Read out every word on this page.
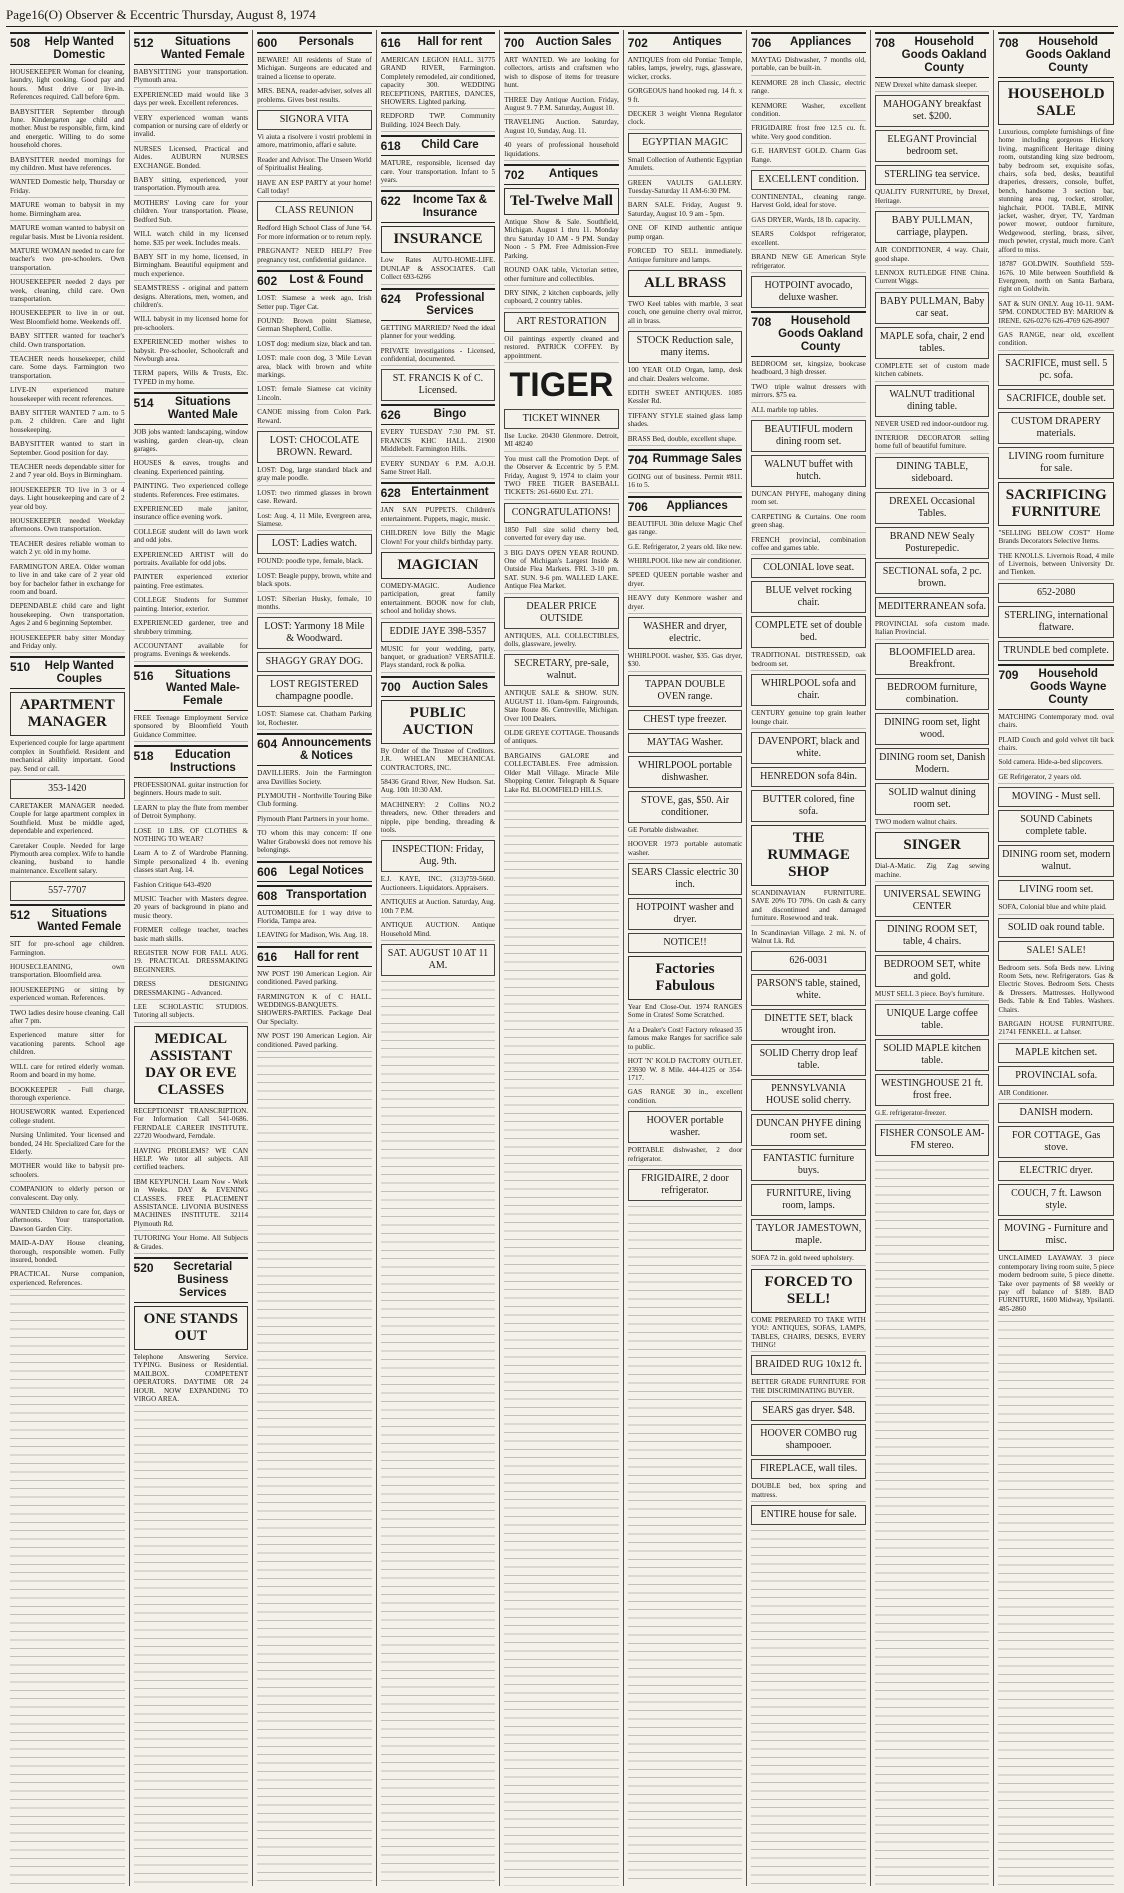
Page16(O) Observer & Eccentric Thursday, August 8, 1974
508	Help Wanted Domestic

HOUSEKEEPER Woman for cleaning, laundry, light cooking. Good pay and hours. Must drive or live-in. References required. Call before 6pm.

BABYSITTER September through June. Kindergarten age child and mother. Must be responsible, firm, kind and energetic. Willing to do some household chores.

BABYSITTER needed mornings for my children. Must have references.

WANTED Domestic help, Thursday or Friday.

MATURE woman to babysit in my home. Birmingham area.

MATURE woman wanted to babysit on regular basis. Must be Livonia resident.

MATURE WOMAN needed to care for teacher's two pre-schoolers. Own transportation.

HOUSEKEEPER needed 2 days per week, cleaning, child care. Own transportation.

HOUSEKEEPER to live in or out. West Bloomfield home. Weekends off.

BABY SITTER wanted for teacher's child. Own transportation.

TEACHER needs housekeeper, child care. Some days. Farmington two transportation.

LIVE-IN experienced mature housekeeper with recent references.

BABY SITTER WANTED 7 a.m. to 5 p.m. 2 children. Care and light housekeeping.

BABYSITTER wanted to start in September. Good position for day.

TEACHER needs dependable sitter for 2 and 7 year old. Boys in Birmingham.

HOUSEKEEPER TO live in 3 or 4 days. Light housekeeping and care of 2 year old boy.

HOUSEKEEPER needed Weekday afternoons. Own transportation.

TEACHER desires reliable woman to watch 2 yr. old in my home.

FARMINGTON AREA. Older woman to live in and take care of 2 year old boy for bachelor father in exchange for room and board.

DEPENDABLE child care and light housekeeping. Own transportation. Ages 2 and 6 beginning September.

HOUSEKEEPER baby sitter Monday and Friday only.

510	Help Wanted Couples
APARTMENT MANAGER

Experienced couple for large apartment complex in Southfield. Resident and mechanical ability important. Good pay. Send or call.

353-1420

CARETAKER MANAGER needed. Couple for large apartment complex in Southfield. Must be middle aged, dependable and experienced.

Caretaker Couple. Needed for large Plymouth area complex. Wife to handle cleaning, husband to handle maintenance. Excellent salary.

557-7707

512	Situations Wanted Female

SIT for pre-school age children. Farmington.

HOUSECLEANING, own transportation. Bloomfield area.

HOUSEKEEPING or sitting by experienced woman. References.

TWO ladies desire house cleaning. Call after 7 pm.

Experienced mature sitter for vacationing parents. School age children.

WILL care for retired elderly woman. Room and board in my home.

BOOKKEEPER - Full charge, thorough experience.

HOUSEWORK wanted. Experienced college student.

Nursing Unlimited. Your licensed and bonded, 24 Hr. Specialized Care for the Elderly.

MOTHER would like to babysit pre-schoolers.

COMPANION to elderly person or convalescent. Day only.

WANTED Children to care for, days or afternoons. Your transportation. Dawson Garden City.

MAID-A-DAY House cleaning, thorough, responsible women. Fully insured, bonded.

PRACTICAL Nurse companion, experienced. References.

512	Situations Wanted Female

BABYSITTING your transportation. Plymouth area.

EXPERIENCED maid would like 3 days per week. Excellent references.

VERY experienced woman wants companion or nursing care of elderly or invalid.

NURSES Licensed, Practical and Aides. AUBURN NURSES EXCHANGE. Bonded.

BABY sitting, experienced, your transportation. Plymouth area.

MOTHERS' Loving care for your children. Your transportation. Please, Bedford Sub.

WILL watch child in my licensed home. $35 per week. Includes meals.

BABY SIT in my home, licensed, in Birmingham. Beautiful equipment and much experience.

SEAMSTRESS - original and pattern designs. Alterations, men, women, and children's.

WILL babysit in my licensed home for pre-schoolers.

EXPERIENCED mother wishes to babysit. Pre-schooler, Schoolcraft and Newburgh area.

TERM papers, Wills & Trusts, Etc. TYPED in my home.

514	Situations Wanted Male

JOB jobs wanted: landscaping, window washing, garden clean-up, clean garages.

HOUSES & eaves, troughs and cleaning. Experienced painting.

PAINTING. Two experienced college students. References. Free estimates.

EXPERIENCED male janitor, insurance office evening work.

COLLEGE student will do lawn work and odd jobs.

EXPERIENCED ARTIST will do portraits. Available for odd jobs.

PAINTER experienced exterior painting. Free estimates.

COLLEGE Students for Summer painting. Interior, exterior.

EXPERIENCED gardener, tree and shrubbery trimming.

ACCOUNTANT available for programs. Evenings & weekends.

516	Situations Wanted Male-Female

FREE Teenage Employment Service sponsored by Bloomfield Youth Guidance Committee.

518	Education Instructions

PROFESSIONAL guitar instruction for beginners. Hours made to suit.

LEARN to play the flute from member of Detroit Symphony.

LOSE 10 LBS. OF CLOTHES & NOTHING TO WEAR?

Learn A to Z of Wardrobe Planning. Simple personalized 4 lb. evening classes start Aug. 14.

Fashion Critique 643-4920

MUSIC Teacher with Masters degree. 20 years of background in piano and music theory.

FORMER college teacher, teaches basic math skills.

REGISTER NOW FOR FALL AUG. 19. PRACTICAL DRESSMAKING BEGINNERS.

DRESS DESIGNING DRESSMAKING - Advanced.

LEE SCHOLASTIC STUDIOS. Tutoring all subjects.

MEDICAL ASSISTANT DAY OR EVE CLASSES

RECEPTIONIST TRANSCRIPTION. For Information Call 541-0686. FERNDALE CAREER INSTITUTE. 22720 Woodward, Ferndale.

HAVING PROBLEMS? WE CAN HELP. We tutor all subjects. All certified teachers.

IBM KEYPUNCH. Learn Now - Work in Weeks. DAY & EVENING CLASSES. FREE PLACEMENT ASSISTANCE. LIVONIA BUSINESS MACHINES INSTITUTE. 32114 Plymouth Rd.

TUTORING Your Home. All Subjects & Grades.

520	Secretarial Business Services
ONE STANDS OUT

Telephone Answering Service. TYPING. Business or Residential. MAILBOX. COMPETENT OPERATORS. DAYTIME OR 24 HOUR. NOW EXPANDING TO VIRGO AREA.

600	Personals

BEWARE! All residents of State of Michigan. Surgeons are educated and trained a license to operate.

MRS. BENA, reader-adviser, solves all problems. Gives best results.

SIGNORA VITA

Vi aiuta a risolvere i vostri problemi in amore, matrimonio, affari e salute.

Reader and Advisor. The Unseen World of Spiritualist Healing.

HAVE AN ESP PARTY at your home! Call today!

CLASS REUNION

Redford High School Class of June '64. For more information or to return reply.

PREGNANT? NEED HELP? Free pregnancy test, confidential guidance.

602	Lost & Found

LOST: Siamese a week ago, Irish Setter pup. Tiger Cat.

FOUND: Brown point Siamese, German Shepherd, Collie.

LOST dog: medium size, black and tan.

LOST: male coon dog, 3 'Mile Levan area, black with brown and white markings.

LOST: female Siamese cat vicinity Lincoln.

CANOE missing from Colon Park. Reward.

LOST: CHOCOLATE BROWN. Reward.

LOST: Dog, large standard black and gray male poodle.

LOST: two rimmed glasses in brown case. Reward.

Lost: Aug. 4, 11 Mile, Evergreen area, Siamese.

LOST: Ladies watch.

FOUND: poodle type, female, black.

LOST: Beagle puppy, brown, white and black spots.

LOST: Siberian Husky, female, 10 months.

LOST: Yarmony 18 Mile & Woodward.

SHAGGY GRAY DOG.

LOST REGISTERED champagne poodle.

LOST: Siamese cat. Chatham Parking lot, Rochester.

604 Announcements & Notices

DAVILLIERS. Join the Farmington area Davillies Society.

PLYMOUTH - Northville Touring Bike Club forming.

Plymouth Plant Partners in your home.

TO whom this may concern: If one Walter Grabowski does not remove his belongings.

606	Legal Notices
608 Transportation

AUTOMOBILE for 1 way drive to Florida, Tampa area.

LEAVING for Madison, Wis. Aug. 18.

616	Hall for rent

NW POST 190 American Legion. Air conditioned. Paved parking.

FARMINGTON K of C HALL. WEDDINGS-BANQUETS. SHOWERS-PARTIES. Package Deal Our Specialty.

NW POST 190 American Legion. Air conditioned. Paved parking.

616	Hall for rent

AMERICAN LEGION HALL. 31775 GRAND RIVER, Farmington. Completely remodeled, air conditioned, capacity 300. WEDDING RECEPTIONS, PARTIES, DANCES, SHOWERS. Lighted parking.

REDFORD TWP. Community Building. 1024 Beech Daly.

618	Child Care

MATURE, responsible, licensed day care. Your transportation. Infant to 5 years.

622	Income Tax & Insurance
INSURANCE

Low Rates AUTO-HOME-LIFE. DUNLAP & ASSOCIATES. Call Collect 693-6266

624	Professional Services

GETTING MARRIED? Need the ideal planner for your wedding.

PRIVATE investigations - Licensed, confidential, documented.

ST. FRANCIS K of C. Licensed.

626	Bingo

EVERY TUESDAY 7:30 PM. ST. FRANCIS KHC HALL. 21900 Middlebelt. Farmington Hills.

EVERY SUNDAY 6 P.M. A.O.H. Same Street Hall.

628 Entertainment

JAN SAN PUPPETS. Children's entertainment. Puppets, magic, music.

CHILDREN love Billy the Magic Clown! For your child's birthday party.

MAGICIAN

COMEDY-MAGIC. Audience participation, great family entertainment. BOOK now for club, school and holiday shows.

EDDIE JAYE 398-5357

MUSIC for your wedding, party, banquet, or graduation? VERSATILE. Plays standard, rock & polka.

700 Auction Sales
PUBLIC AUCTION

By Order of the Trustee of Creditors. J.R. WHELAN MECHANICAL CONTRACTORS, INC.

58436 Grand River, New Hudson. Sat. Aug. 10th 10:30 AM.

MACHINERY: 2 Collins NO.2 threaders, new. Other threaders and nipple, pipe bending, threading & tools.

INSPECTION: Friday, Aug. 9th.

E.J. KAYE, INC. (313)759-5660. Auctioneers. Liquidators. Appraisers.

ANTIQUES at Auction. Saturday, Aug. 10th 7 P.M.

ANTIQUE AUCTION. Antique Household Mind.

SAT. AUGUST 10 AT 11 AM.

700 Auction Sales

ART WANTED. We are looking for collectors, artists and craftsmen who wish to dispose of items for treasure hunt.

THREE Day Antique Auction. Friday, August 9. 7 P.M. Saturday, August 10.

TRAVELING Auction. Saturday, August 10, Sunday, Aug. 11.

40 years of professional household liquidations.

702	Antiques
Tel-Twelve Mall

Antique Show & Sale. Southfield, Michigan. August 1 thru 11. Monday thru Saturday 10 AM - 9 PM. Sunday Noon - 5 PM. Free Admission-Free Parking.

ROUND OAK table, Victorian settee, other furniture and collectibles.

DRY SINK, 2 kitchen cupboards, jelly cupboard, 2 country tables.

ART RESTORATION

Oil paintings expertly cleaned and restored. PATRICK COFFEY. By appointment.

TIGER

TICKET WINNER

Ilse Lucke. 20430 Glenmore. Detroit, MI 48240

You must call the Promotion Dept. of the Observer & Eccentric by 5 P.M. Friday, August 9, 1974 to claim your TWO FREE TIGER BASEBALL TICKETS: 261-6600 Ext. 271.

CONGRATULATIONS!

1850 Full size solid cherry bed, converted for every day use.

3 BIG DAYS OPEN YEAR ROUND. One of Michigan's Largest Inside & Outside Flea Markets. FRI. 3-10 pm. SAT. SUN. 9-6 pm. WALLED LAKE. Antique Flea Market.

DEALER PRICE OUTSIDE

ANTIQUES, ALL COLLECTIBLES, dolls, glassware, jewelry.

SECRETARY, pre-sale, walnut.

ANTIQUE SALE & SHOW. SUN. AUGUST 11. 10am-6pm. Fairgrounds, State Route 86. Centreville, Michigan. Over 100 Dealers.

OLDE GREYE COTTAGE. Thousands of antiques.

BARGAINS GALORE and COLLECTABLES. Free admission. Older Mall Village. Miracle Mile Shopping Center. Telegraph & Square Lake Rd. BLOOMFIELD HILLS.

702	Antiques

ANTIQUES from old Pontiac Temple, tables, lamps, jewelry, rugs, glassware, wicker, crocks.

GORGEOUS hand hooked rug. 14 ft. x 9 ft.

DECKER 3 weight Vienna Regulator clock.

EGYPTIAN MAGIC

Small Collection of Authentic Egyptian Amulets.

GREEN VAULTS GALLERY. Tuesday-Saturday 11 AM-6:30 PM.

BARN SALE. Friday, August 9. Saturday, August 10. 9 am - 5pm.

ONE OF KIND authentic antique pump organ.

FORCED TO SELL immediately. Antique furniture and lamps.

ALL BRASS

TWO Keel tables with marble, 3 seat couch, one genuine cherry oval mirror, all in brass.

STOCK Reduction sale, many items.

100 YEAR OLD Organ, lamp, desk and chair. Dealers welcome.

EDITH SWEET ANTIQUES. 1085 Kessler Rd.

TIFFANY STYLE stained glass lamp shades.

BRASS Bed, double, excellent shape.

704 Rummage Sales

GOING out of business. Permit #811. 16 to 5.

706	Appliances

BEAUTIFUL 30in deluxe Magic Chef gas range.

G.E. Refrigerator, 2 years old. like new.

WHIRLPOOL like new air conditioner.

SPEED QUEEN portable washer and dryer.

HEAVY duty Kenmore washer and dryer.

WASHER and dryer, electric.

WHIRLPOOL washer, $35. Gas dryer, $30.

TAPPAN DOUBLE OVEN range.

CHEST type freezer.

MAYTAG Washer.

WHIRLPOOL portable dishwasher.

STOVE, gas, $50. Air conditioner.

GE Portable dishwasher.

HOOVER 1973 portable automatic washer.

SEARS Classic electric 30 inch.

HOTPOINT washer and dryer.

NOTICE!!

Factories Fabulous

Year End Close-Out. 1974 RANGES Some in Crates! Some Scratched.

At a Dealer's Cost! Factory released 35 famous make Ranges for sacrifice sale to public.

HOT 'N' KOLD FACTORY OUTLET. 23930 W. 8 Mile. 444-4125 or 354-1717.

GAS RANGE 30 in., excellent condition.

HOOVER portable washer.

PORTABLE dishwasher, 2 door refrigerator.

FRIGIDAIRE, 2 door refrigerator.

706	Appliances

MAYTAG Dishwasher, 7 months old, portable, can be built-in.

KENMORE 28 inch Classic, electric range.

KENMORE Washer, excellent condition.

FRIGIDAIRE frost free 12.5 cu. ft. white. Very good condition.

G.E. HARVEST GOLD. Charm Gas Range.

EXCELLENT condition.

CONTINENTAL, cleaning range. Harvest Gold, ideal for stove.

GAS DRYER, Wards, 18 lb. capacity.

SEARS Coldspot refrigerator, excellent.

BRAND NEW GE American Style refrigerator.

HOTPOINT avocado, deluxe washer.

708	Household Goods Oakland County

BEDROOM set, kingsize, bookcase headboard, 3 high dresser.

TWO triple walnut dressers with mirrors. $75 ea.

ALL marble top tables.

BEAUTIFUL modern dining room set.

WALNUT buffet with hutch.

DUNCAN PHYFE, mahogany dining room set.

CARPETING & Curtains. One room green shag.

FRENCH provincial, combination coffee and games table.

COLONIAL love seat.

BLUE velvet rocking chair.

COMPLETE set of double bed.

TRADITIONAL DISTRESSED, oak bedroom set.

WHIRLPOOL sofa and chair.

CENTURY genuine top grain leather lounge chair.

DAVENPORT, black and white.

HENREDON sofa 84in.

BUTTER colored, fine sofa.

THE RUMMAGE SHOP

SCANDINAVIAN FURNITURE. SAVE 20% TO 70%. On cash & carry and discontinued and damaged furniture. Rosewood and teak.

In Scandinavian Village. 2 mi. N. of Walnut Lk. Rd.

626-0031

PARSON'S table, stained, white.

DINETTE SET, black wrought iron.

SOLID Cherry drop leaf table.

PENNSYLVANIA HOUSE solid cherry.

DUNCAN PHYFE dining room set.

FANTASTIC furniture buys.

FURNITURE, living room, lamps.

TAYLOR JAMESTOWN, maple.

SOFA 72 in. gold tweed upholstery.

FORCED TO SELL!

COME PREPARED TO TAKE WITH YOU: ANTIQUES, SOFAS, LAMPS, TABLES, CHAIRS, DESKS, EVERY THING!

BRAIDED RUG 10x12 ft.

BETTER GRADE FURNITURE FOR THE DISCRIMINATING BUYER.

SEARS gas dryer. $48.

HOOVER COMBO rug shampooer.

FIREPLACE, wall tiles.

DOUBLE bed, box spring and mattress.

ENTIRE house for sale.

708	Household Goods Oakland County

NEW Drexel white damask sleeper.

MAHOGANY breakfast set. $200.

ELEGANT Provincial bedroom set.

STERLING tea service.

QUALITY FURNITURE, by Drexel, Heritage.

BABY PULLMAN, carriage, playpen.

AIR CONDITIONER, 4 way. Chair, good shape.

LENNOX RUTLEDGE FINE China. Current Wiggs.

BABY PULLMAN, Baby car seat.

MAPLE sofa, chair, 2 end tables.

COMPLETE set of custom made kitchen cabinets.

WALNUT traditional dining table.

NEVER USED red indoor-outdoor rug.

INTERIOR DECORATOR selling home full of beautiful furniture.

DINING TABLE, sideboard.

DREXEL Occasional Tables.

BRAND NEW Sealy Posturepedic.

SECTIONAL sofa, 2 pc. brown.

MEDITERRANEAN sofa.

PROVINCIAL sofa custom made. Italian Provincial.

BLOOMFIELD area. Breakfront.

BEDROOM furniture, combination.

DINING room set, light wood.

DINING room set, Danish Modern.

SOLID walnut dining room set.

TWO modern walnut chairs.

SINGER

Dial-A-Matic. Zig Zag sewing machine.

UNIVERSAL SEWING CENTER

DINING ROOM SET, table, 4 chairs.

BEDROOM SET, white and gold.

MUST SELL 3 piece. Boy's furniture.

UNIQUE Large coffee table.

SOLID MAPLE kitchen table.

WESTINGHOUSE 21 ft. frost free.

G.E. refrigerator-freezer.

FISHER CONSOLE AM-FM stereo.

708	Household Goods Oakland County
HOUSEHOLD SALE

Luxurious, complete furnishings of fine home including gorgeous Hickory living, magnificent Heritage dining room, outstanding king size bedroom, baby bedroom set, exquisite sofas, chairs, sofa bed, desks, beautiful draperies, dressers, console, buffet, bench, handsome 3 section bar, stunning area rug, rocker, stroller, highchair, POOL TABLE, MINK jacket, washer, dryer, TV, Yardman power mower, outdoor furniture, Wedgewood, sterling, brass, silver, much pewter, crystal, much more. Can't afford to miss.

18787 GOLDWIN. Southfield 559-1676. 10 Mile between Southfield & Evergreen, north on Santa Barbara, right on Goldwin.

SAT & SUN ONLY. Aug 10-11. 9AM-5PM. CONDUCTED BY: MARION & IRENE. 626-0276 626-4769 626-8907

GAS RANGE, near old, excellent condition.

SACRIFICE, must sell. 5 pc. sofa.

SACRIFICE, double set.

CUSTOM DRAPERY materials.

LIVING room furniture for sale.

SACRIFICING FURNITURE

"SELLING BELOW COST" Home Brands Decorators Selective Items.

THE KNOLLS. Livernois Road, 4 mile of Livernois, between University Dr. and Tienken.

652-2080

STERLING, international flatware.

TRUNDLE bed complete.

709	Household Goods Wayne County

MATCHING Contemporary mod. oval chairs.

PLAID Couch and gold velvet tilt back chairs.

Sold camera. Hide-a-bed slipcovers.

GE Refrigerator, 2 years old.

MOVING - Must sell.

SOUND Cabinets complete table.

DINING room set, modern walnut.

LIVING room set.

SOFA, Colonial blue and white plaid.

SOLID oak round table.

SALE! SALE!

Bedroom sets. Sofa Beds new. Living Room Sets, new. Refrigerators. Gas & Electric Stoves. Bedroom Sets. Chests & Dressers. Mattresses. Hollywood Beds. Table & End Tables. Washers. Chairs.

BARGAIN HOUSE FURNITURE. 21741 FENKELL. at Lahser.

MAPLE kitchen set.

PROVINCIAL sofa.

AIR Conditioner.

DANISH modern.

FOR COTTAGE, Gas stove.

ELECTRIC dryer.

COUCH, 7 ft. Lawson style.

MOVING - Furniture and misc.

UNCLAIMED LAYAWAY. 3 piece contemporary living room suite, 5 piece modern bedroom suite, 5 piece dinette. Take over payments of $8 weekly or pay off balance of $189. BAD FURNITURE, 1600 Midway, Ypsilanti. 485-2860
